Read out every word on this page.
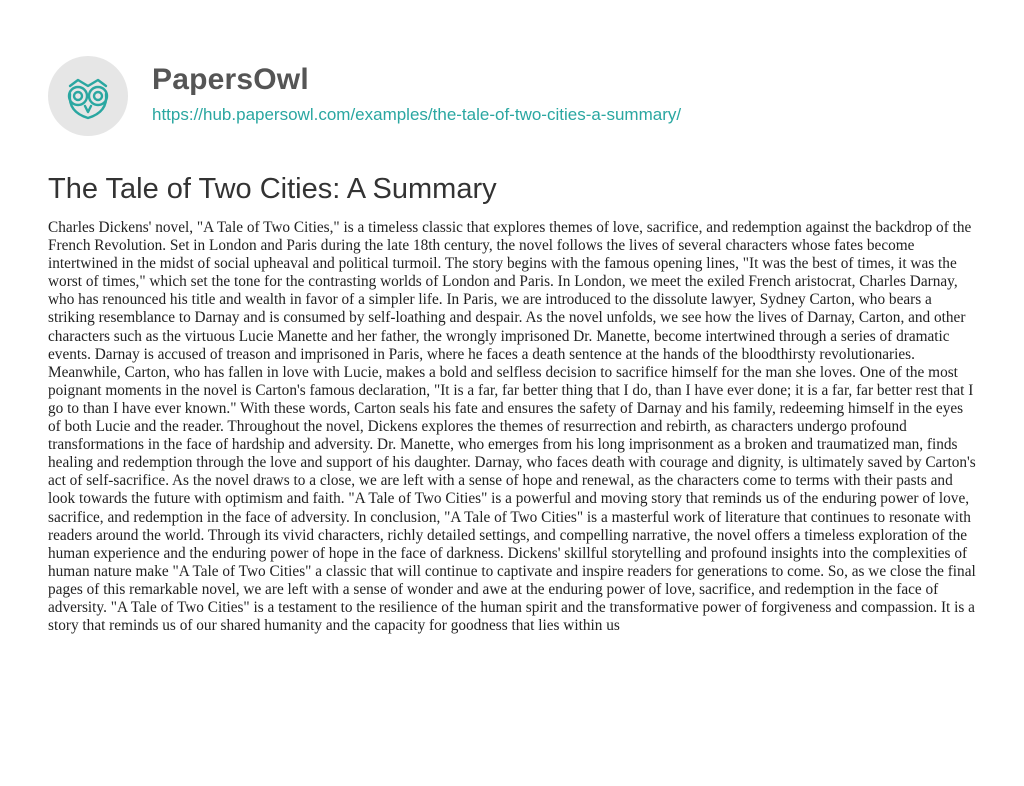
PapersOwl
https://hub.papersowl.com/examples/the-tale-of-two-cities-a-summary/
The Tale of Two Cities: A Summary

Charles Dickens' novel, "A Tale of Two Cities," is a timeless classic that explores themes of love, sacrifice, and redemption against the backdrop of the French Revolution. Set in London and Paris during the late 18th century, the novel follows the lives of several characters whose fates become intertwined in the midst of social upheaval and political turmoil. The story begins with the famous opening lines, "It was the best of times, it was the worst of times," which set the tone for the contrasting worlds of London and Paris. In London, we meet the exiled French aristocrat, Charles Darnay, who has renounced his title and wealth in favor of a simpler life. In Paris, we are introduced to the dissolute lawyer, Sydney Carton, who bears a striking resemblance to Darnay and is consumed by self-loathing and despair. As the novel unfolds, we see how the lives of Darnay, Carton, and other characters such as the virtuous Lucie Manette and her father, the wrongly imprisoned Dr. Manette, become intertwined through a series of dramatic events. Darnay is accused of treason and imprisoned in Paris, where he faces a death sentence at the hands of the bloodthirsty revolutionaries. Meanwhile, Carton, who has fallen in love with Lucie, makes a bold and selfless decision to sacrifice himself for the man she loves. One of the most poignant moments in the novel is Carton's famous declaration, "It is a far, far better thing that I do, than I have ever done; it is a far, far better rest that I go to than I have ever known." With these words, Carton seals his fate and ensures the safety of Darnay and his family, redeeming himself in the eyes of both Lucie and the reader. Throughout the novel, Dickens explores the themes of resurrection and rebirth, as characters undergo profound transformations in the face of hardship and adversity. Dr. Manette, who emerges from his long imprisonment as a broken and traumatized man, finds healing and redemption through the love and support of his daughter. Darnay, who faces death with courage and dignity, is ultimately saved by Carton's act of self-sacrifice. As the novel draws to a close, we are left with a sense of hope and renewal, as the characters come to terms with their pasts and look towards the future with optimism and faith. "A Tale of Two Cities" is a powerful and moving story that reminds us of the enduring power of love, sacrifice, and redemption in the face of adversity. In conclusion, "A Tale of Two Cities" is a masterful work of literature that continues to resonate with readers around the world. Through its vivid characters, richly detailed settings, and compelling narrative, the novel offers a timeless exploration of the human experience and the enduring power of hope in the face of darkness. Dickens' skillful storytelling and profound insights into the complexities of human nature make "A Tale of Two Cities" a classic that will continue to captivate and inspire readers for generations to come. So, as we close the final pages of this remarkable novel, we are left with a sense of wonder and awe at the enduring power of love, sacrifice, and redemption in the face of adversity. "A Tale of Two Cities" is a testament to the resilience of the human spirit and the transformative power of forgiveness and compassion. It is a story that reminds us of our shared humanity and the capacity for goodness that lies within us
